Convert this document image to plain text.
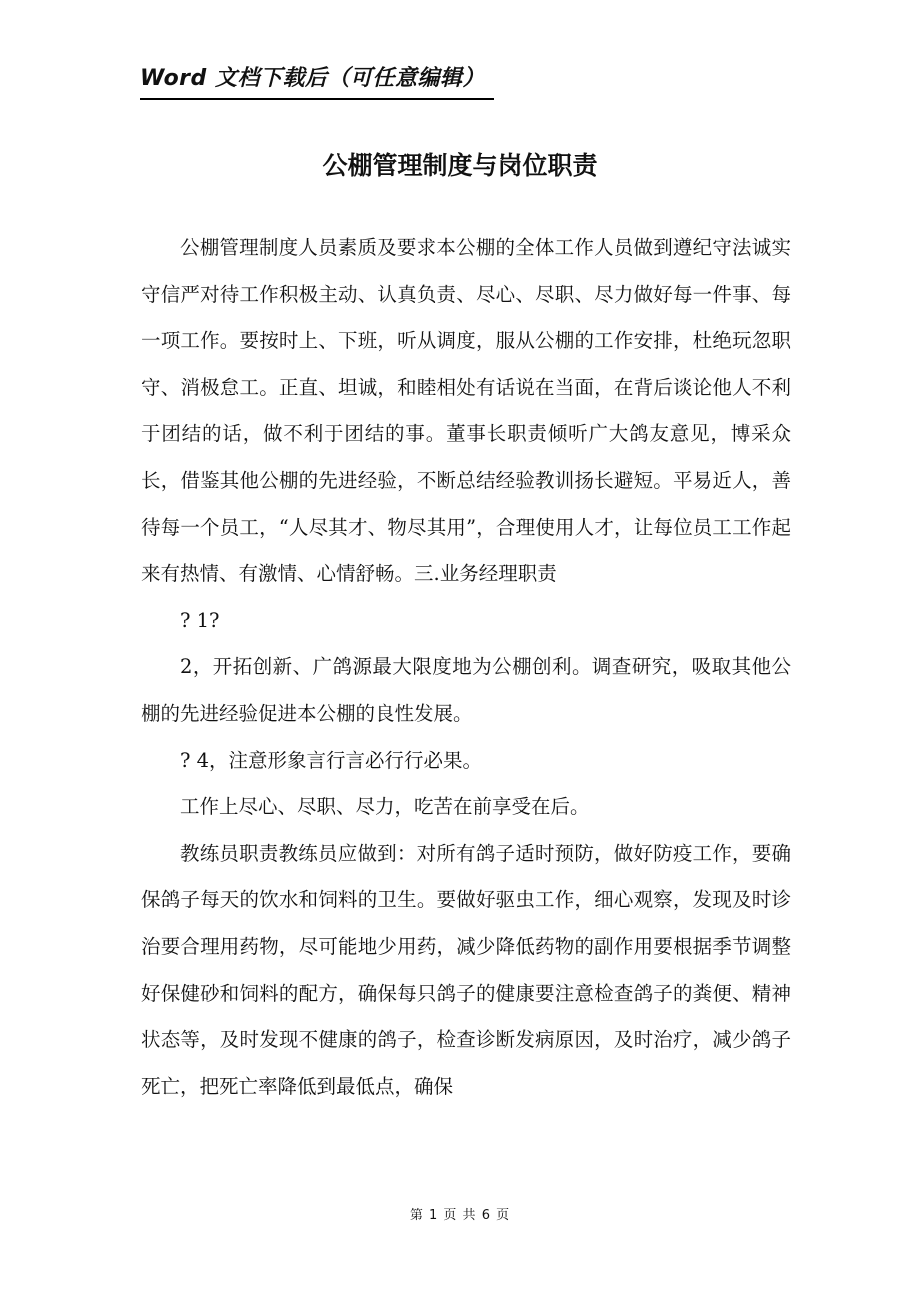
Word 文档下载后（可任意编辑）
公棚管理制度与岗位职责

公棚管理制度人员素质及要求本公棚的全体工作人员做到遵纪守法诚实守信严对待工作积极主动、认真负责、尽心、尽职、尽力做好每一件事、每一项工作。要按时上、下班，听从调度，服从公棚的工作安排，杜绝玩忽职守、消极怠工。正直、坦诚，和睦相处有话说在当面，在背后谈论他人不利于团结的话，做不利于团结的事。董事长职责倾听广大鸽友意见，博采众长，借鉴其他公棚的先进经验，不断总结经验教训扬长避短。平易近人，善待每一个员工，“人尽其才、物尽其用”，合理使用人才，让每位员工工作起来有热情、有激情、心情舒畅。三.业务经理职责

? 1?

2，开拓创新、广鸽源最大限度地为公棚创利。调查研究，吸取其他公棚的先进经验促进本公棚的良性发展。

? 4，注意形象言行言必行行必果。

工作上尽心、尽职、尽力，吃苦在前享受在后。

教练员职责教练员应做到：对所有鸽子适时预防，做好防疫工作，要确保鸽子每天的饮水和饲料的卫生。要做好驱虫工作，细心观察，发现及时诊治要合理用药物，尽可能地少用药，减少降低药物的副作用要根据季节调整好保健砂和饲料的配方，确保每只鸽子的健康要注意检查鸽子的粪便、精神状态等，及时发现不健康的鸽子，检查诊断发病原因，及时治疗，减少鸽子死亡，把死亡率降低到最低点，确保

第 1 页 共 6 页
